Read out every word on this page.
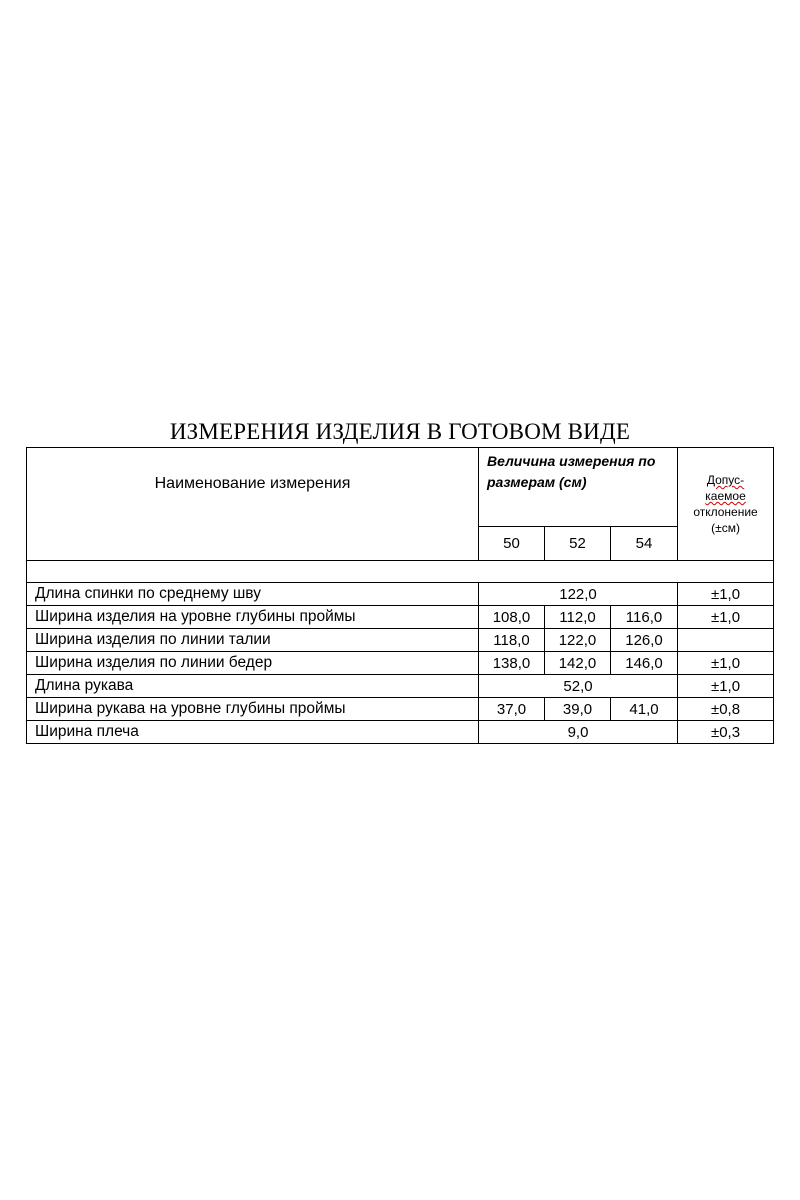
ИЗМЕРЕНИЯ ИЗДЕЛИЯ В ГОТОВОМ ВИДЕ
Наименование измерения	Величина измерения по размерам (см)			Допус-
каемое
отклонение
(±см)
	50	52	54	

Длина спинки по среднему шву	122,0			±1,0
Ширина изделия на уровне глубины проймы	108,0	112,0	116,0	±1,0
Ширина изделия по линии талии	118,0	122,0	126,0	
Ширина изделия по линии бедер	138,0	142,0	146,0	±1,0
Длина рукава	52,0			±1,0
Ширина рукава на уровне глубины проймы	37,0	39,0	41,0	±0,8
Ширина плеча	9,0			±0,3
